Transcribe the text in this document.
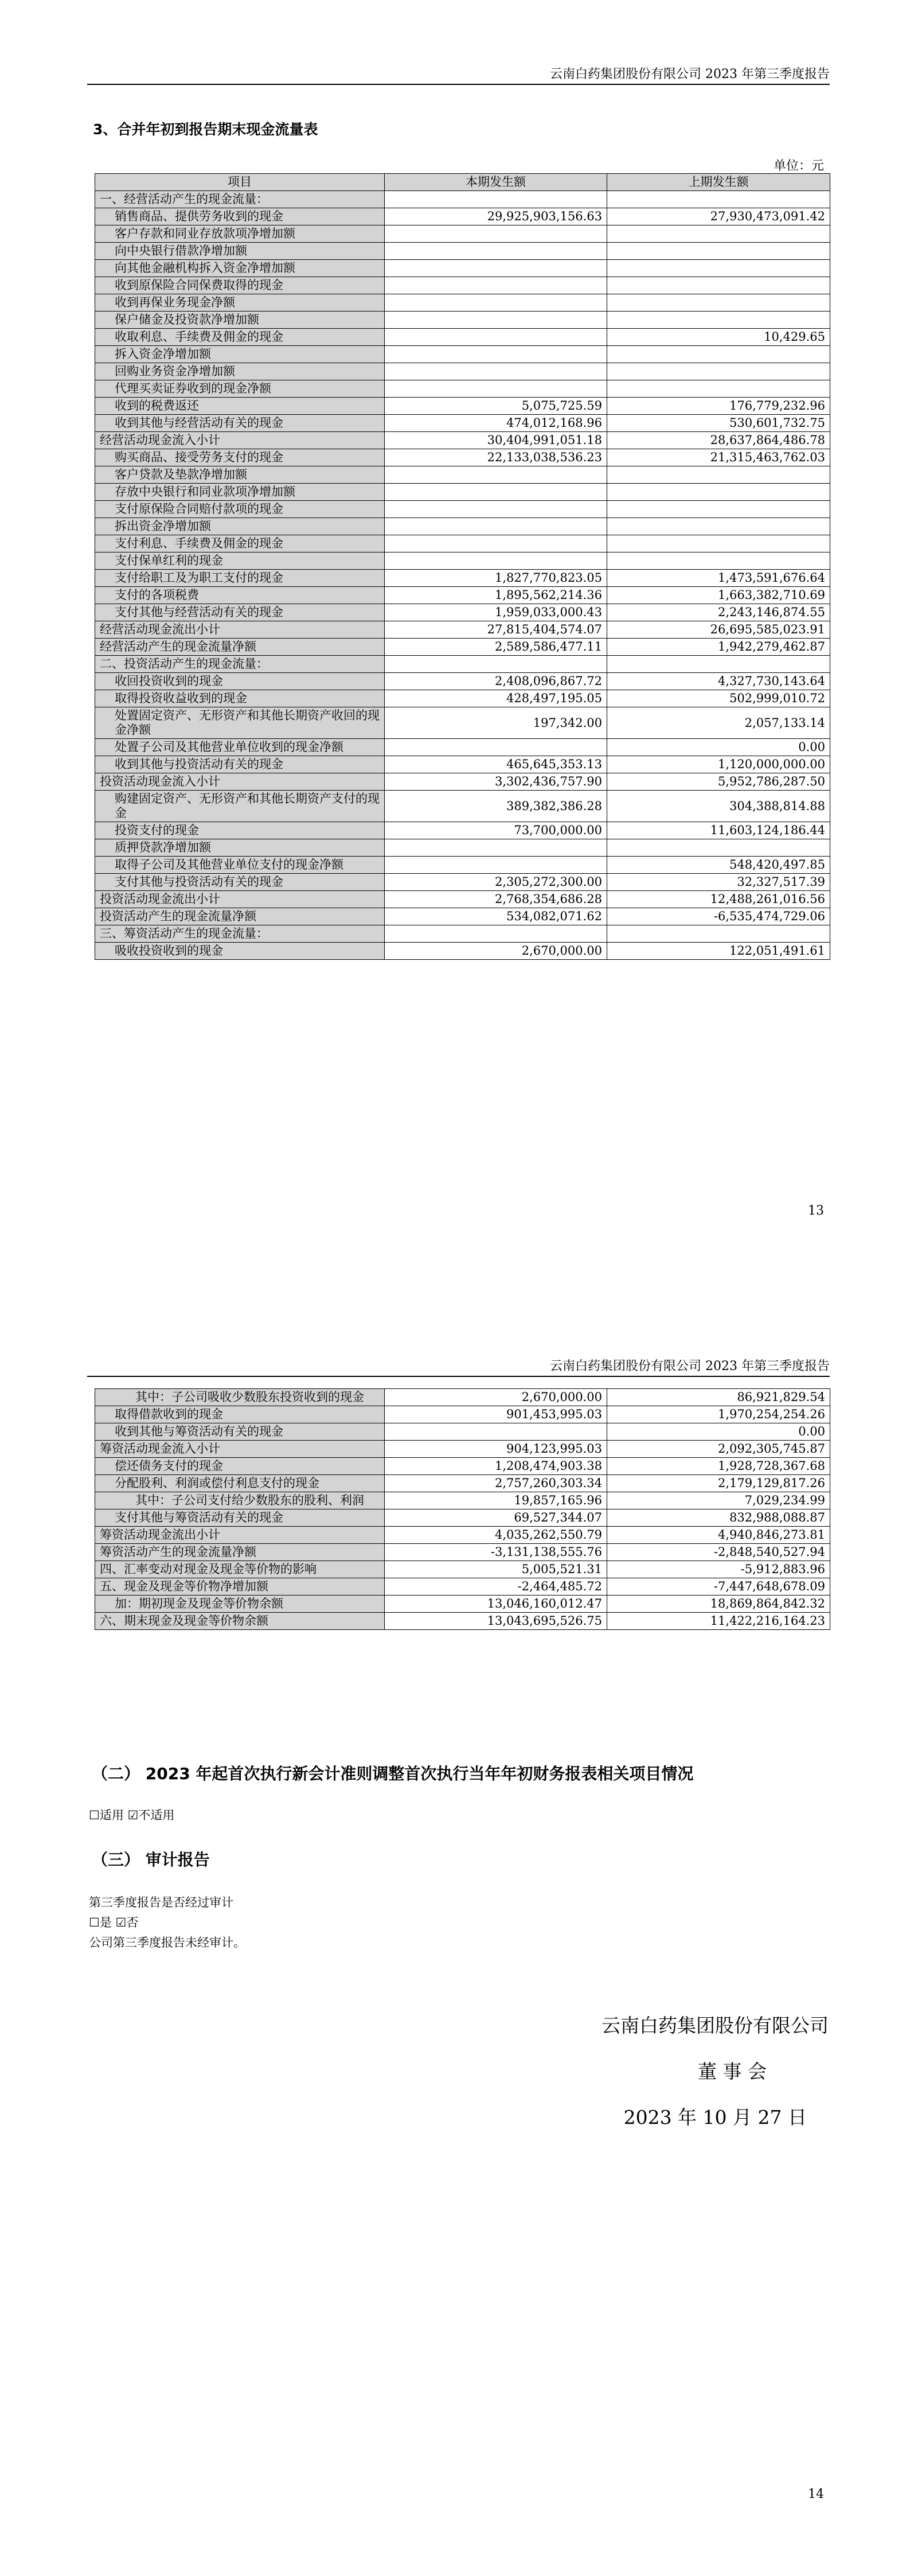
云南白药集团股份有限公司 2023 年第三季度报告
3、合并年初到报告期末现金流量表
单位：元
项目	本期发生额	上期发生额
一、经营活动产生的现金流量：		
销售商品、提供劳务收到的现金	29,925,903,156.63	27,930,473,091.42
客户存款和同业存放款项净增加额		
向中央银行借款净增加额		
向其他金融机构拆入资金净增加额		
收到原保险合同保费取得的现金		
收到再保业务现金净额		
保户储金及投资款净增加额		
收取利息、手续费及佣金的现金		10,429.65
拆入资金净增加额		
回购业务资金净增加额		
代理买卖证券收到的现金净额		
收到的税费返还	5,075,725.59	176,779,232.96
收到其他与经营活动有关的现金	474,012,168.96	530,601,732.75
经营活动现金流入小计	30,404,991,051.18	28,637,864,486.78
购买商品、接受劳务支付的现金	22,133,038,536.23	21,315,463,762.03
客户贷款及垫款净增加额		
存放中央银行和同业款项净增加额		
支付原保险合同赔付款项的现金		
拆出资金净增加额		
支付利息、手续费及佣金的现金		
支付保单红利的现金		
支付给职工及为职工支付的现金	1,827,770,823.05	1,473,591,676.64
支付的各项税费	1,895,562,214.36	1,663,382,710.69
支付其他与经营活动有关的现金	1,959,033,000.43	2,243,146,874.55
经营活动现金流出小计	27,815,404,574.07	26,695,585,023.91
经营活动产生的现金流量净额	2,589,586,477.11	1,942,279,462.87
二、投资活动产生的现金流量：		
收回投资收到的现金	2,408,096,867.72	4,327,730,143.64
取得投资收益收到的现金	428,497,195.05	502,999,010.72
处置固定资产、无形资产和其他长期资产收回的现金净额	197,342.00	2,057,133.14
处置子公司及其他营业单位收到的现金净额		0.00
收到其他与投资活动有关的现金	465,645,353.13	1,120,000,000.00
投资活动现金流入小计	3,302,436,757.90	5,952,786,287.50
购建固定资产、无形资产和其他长期资产支付的现金	389,382,386.28	304,388,814.88
投资支付的现金	73,700,000.00	11,603,124,186.44
质押贷款净增加额		
取得子公司及其他营业单位支付的现金净额		548,420,497.85
支付其他与投资活动有关的现金	2,305,272,300.00	32,327,517.39
投资活动现金流出小计	2,768,354,686.28	12,488,261,016.56
投资活动产生的现金流量净额	534,082,071.62	-6,535,474,729.06
三、筹资活动产生的现金流量：		
吸收投资收到的现金	2,670,000.00	122,051,491.61
13
云南白药集团股份有限公司 2023 年第三季度报告
其中：子公司吸收少数股东投资收到的现金	2,670,000.00	86,921,829.54
取得借款收到的现金	901,453,995.03	1,970,254,254.26
收到其他与筹资活动有关的现金		0.00
筹资活动现金流入小计	904,123,995.03	2,092,305,745.87
偿还债务支付的现金	1,208,474,903.38	1,928,728,367.68
分配股利、利润或偿付利息支付的现金	2,757,260,303.34	2,179,129,817.26
其中：子公司支付给少数股东的股利、利润	19,857,165.96	7,029,234.99
支付其他与筹资活动有关的现金	69,527,344.07	832,988,088.87
筹资活动现金流出小计	4,035,262,550.79	4,940,846,273.81
筹资活动产生的现金流量净额	-3,131,138,555.76	-2,848,540,527.94
四、汇率变动对现金及现金等价物的影响	5,005,521.31	-5,912,883.96
五、现金及现金等价物净增加额	-2,464,485.72	-7,447,648,678.09
加：期初现金及现金等价物余额	13,046,160,012.47	18,869,864,842.32
六、期末现金及现金等价物余额	13,043,695,526.75	11,422,216,164.23
（二） 2023 年起首次执行新会计准则调整首次执行当年年初财务报表相关项目情况
☐适用 ☑不适用
（三） 审计报告
第三季度报告是否经过审计
☐是 ☑否
公司第三季度报告未经审计。
云南白药集团股份有限公司
董 事 会
2023 年 10 月 27 日
14
